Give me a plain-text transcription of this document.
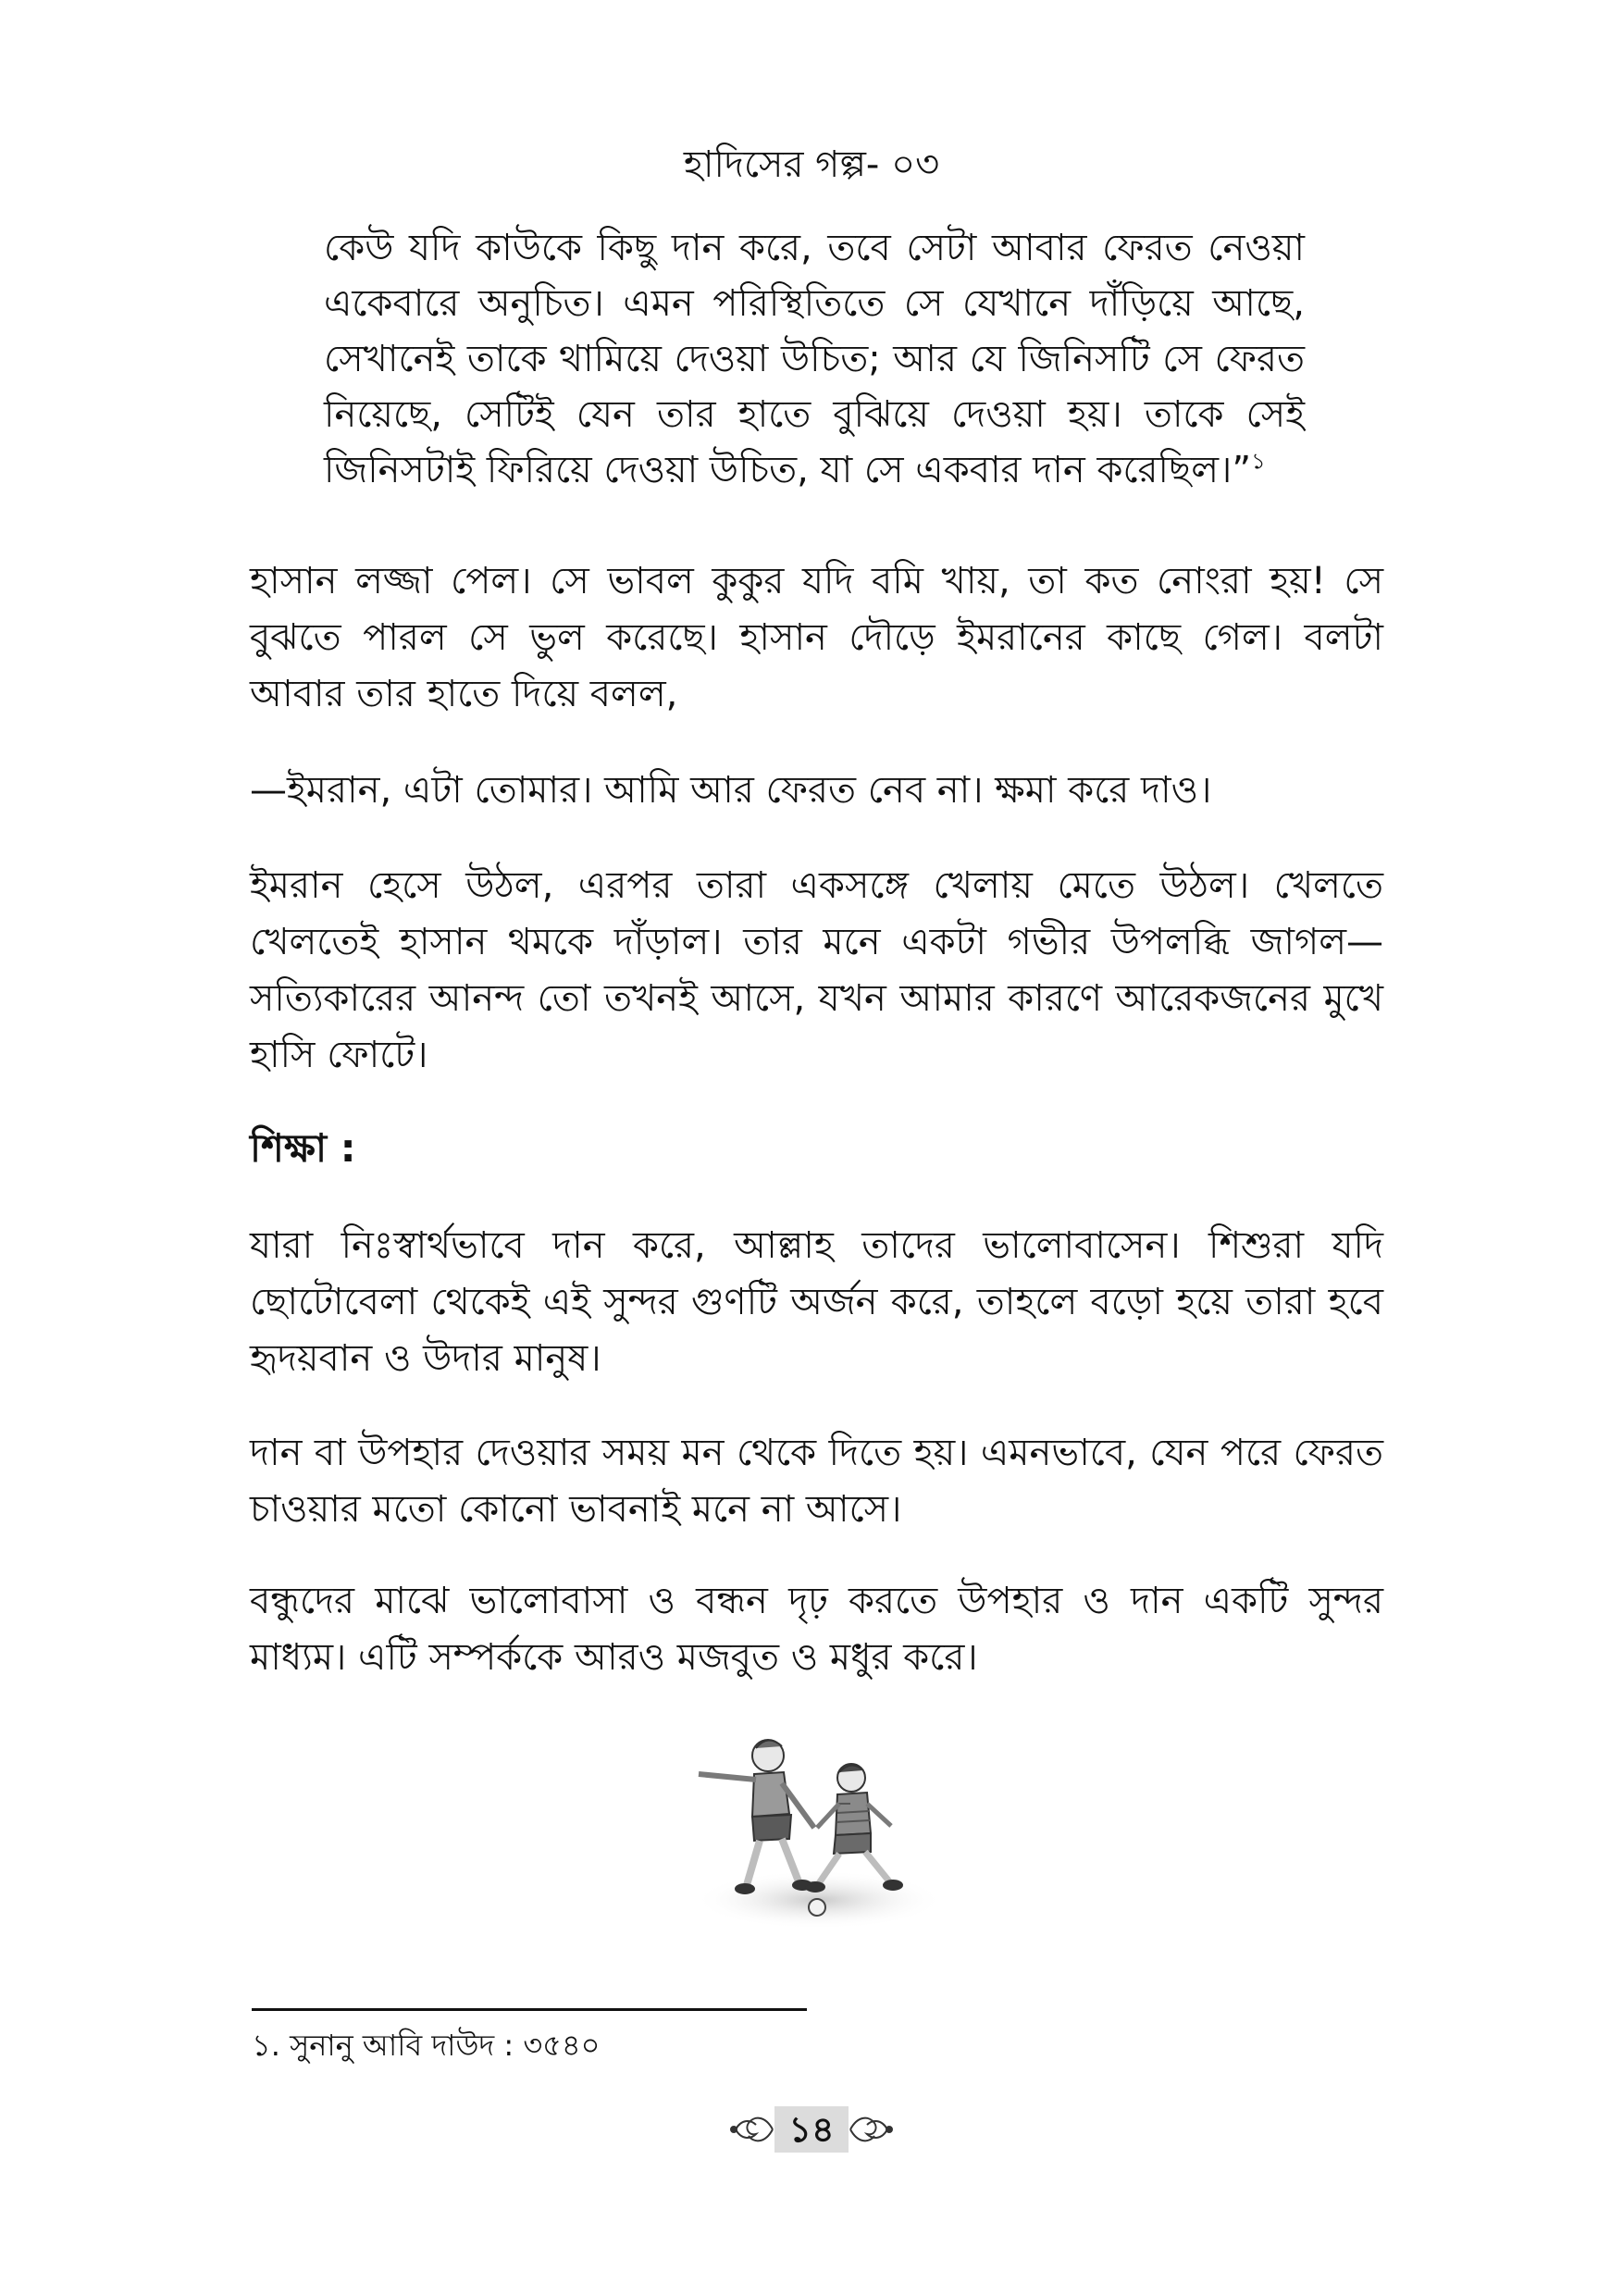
হাদিসের গল্প- ০৩
কেউ যদি কাউকে কিছু দান করে, তবে সেটা আবার ফেরত নেওয়া একেবারে অনুচিত। এমন পরিস্থিতিতে সে যেখানে দাঁড়িয়ে আছে, সেখানেই তাকে থামিয়ে দেওয়া উচিত; আর যে জিনিসটি সে ফেরত নিয়েছে, সেটিই যেন তার হাতে বুঝিয়ে দেওয়া হয়। তাকে সেই জিনিসটাই ফিরিয়ে দেওয়া উচিত, যা সে একবার দান করেছিল।”$^১$
হাসান লজ্জা পেল। সে ভাবল কুকুর যদি বমি খায়, তা কত নোংরা হয়! সে বুঝতে পারল সে ভুল করেছে। হাসান দৌড়ে ইমরানের কাছে গেল। বলটা আবার তার হাতে দিয়ে বলল,
—ইমরান, এটা তোমার। আমি আর ফেরত নেব না। ক্ষমা করে দাও।
ইমরান হেসে উঠল, এরপর তারা একসঙ্গে খেলায় মেতে উঠল। খেলতে খেলতেই হাসান থমকে দাঁড়াল। তার মনে একটা গভীর উপলব্ধি জাগল— সত্যিকারের আনন্দ তো তখনই আসে, যখন আমার কারণে আরেকজনের মুখে হাসি ফোটে।
শিক্ষা :
যারা নিঃস্বার্থভাবে দান করে, আল্লাহ তাদের ভালোবাসেন। শিশুরা যদি ছোটোবেলা থেকেই এই সুন্দর গুণটি অর্জন করে, তাহলে বড়ো হয়ে তারা হবে হৃদয়বান ও উদার মানুষ।
দান বা উপহার দেওয়ার সময় মন থেকে দিতে হয়। এমনভাবে, যেন পরে ফেরত চাওয়ার মতো কোনো ভাবনাই মনে না আসে।
বন্ধুদের মাঝে ভালোবাসা ও বন্ধন দৃঢ় করতে উপহার ও দান একটি সুন্দর মাধ্যম। এটি সম্পর্ককে আরও মজবুত ও মধুর করে।
১. সুনানু আবি দাউদ : ৩৫৪০
১৪
